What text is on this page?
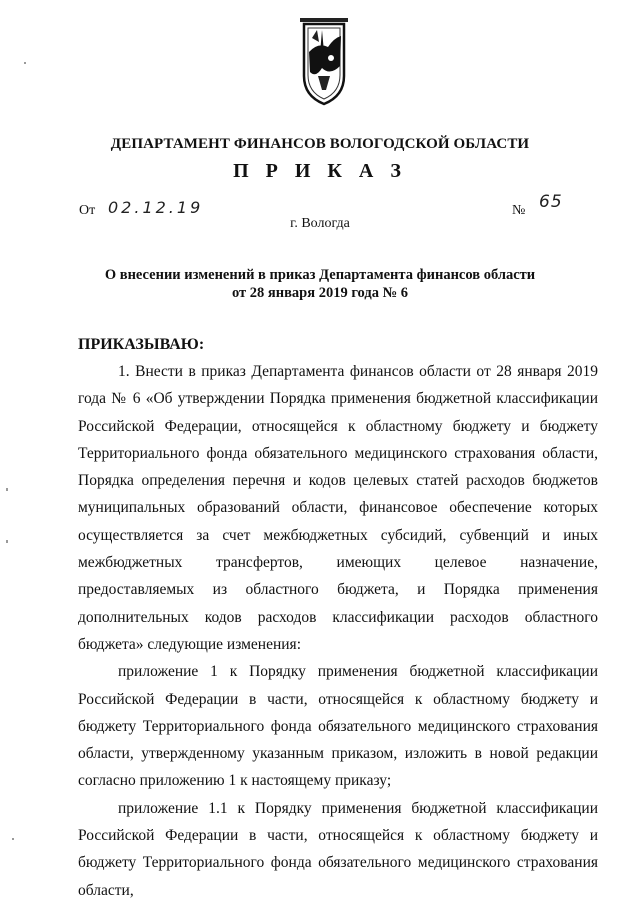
ДЕПАРТАМЕНТ ФИНАНСОВ ВОЛОГОДСКОЙ ОБЛАСТИ
П Р И К А З
От 02.12.19	№ 65
г. Вологда
О внесении изменений в приказ Департамента финансов области
от 28 января 2019 года № 6
ПРИКАЗЫВАЮ:

1. Внести в приказ Департамента финансов области от 28 января 2019 года № 6 «Об утверждении Порядка применения бюджетной классификации Российской Федерации, относящейся к областному бюджету и бюджету Территориального фонда обязательного медицинского страхования области, Порядка определения перечня и кодов целевых статей расходов бюджетов муниципальных образований области, финансовое обеспечение которых осуществляется за счет межбюджетных субсидий, субвенций и иных межбюджетных трансфертов, имеющих целевое назначение, предоставляемых из областного бюджета, и Порядка применения дополнительных кодов расходов классификации расходов областного бюджета» следующие изменения:

приложение 1 к Порядку применения бюджетной классификации Российской Федерации в части, относящейся к областному бюджету и бюджету Территориального фонда обязательного медицинского страхования области, утвержденному указанным приказом, изложить в новой редакции согласно приложению 1 к настоящему приказу;

приложение 1.1 к Порядку применения бюджетной классификации Российской Федерации в части, относящейся к областному бюджету и бюджету Территориального фонда обязательного медицинского страхования области,
